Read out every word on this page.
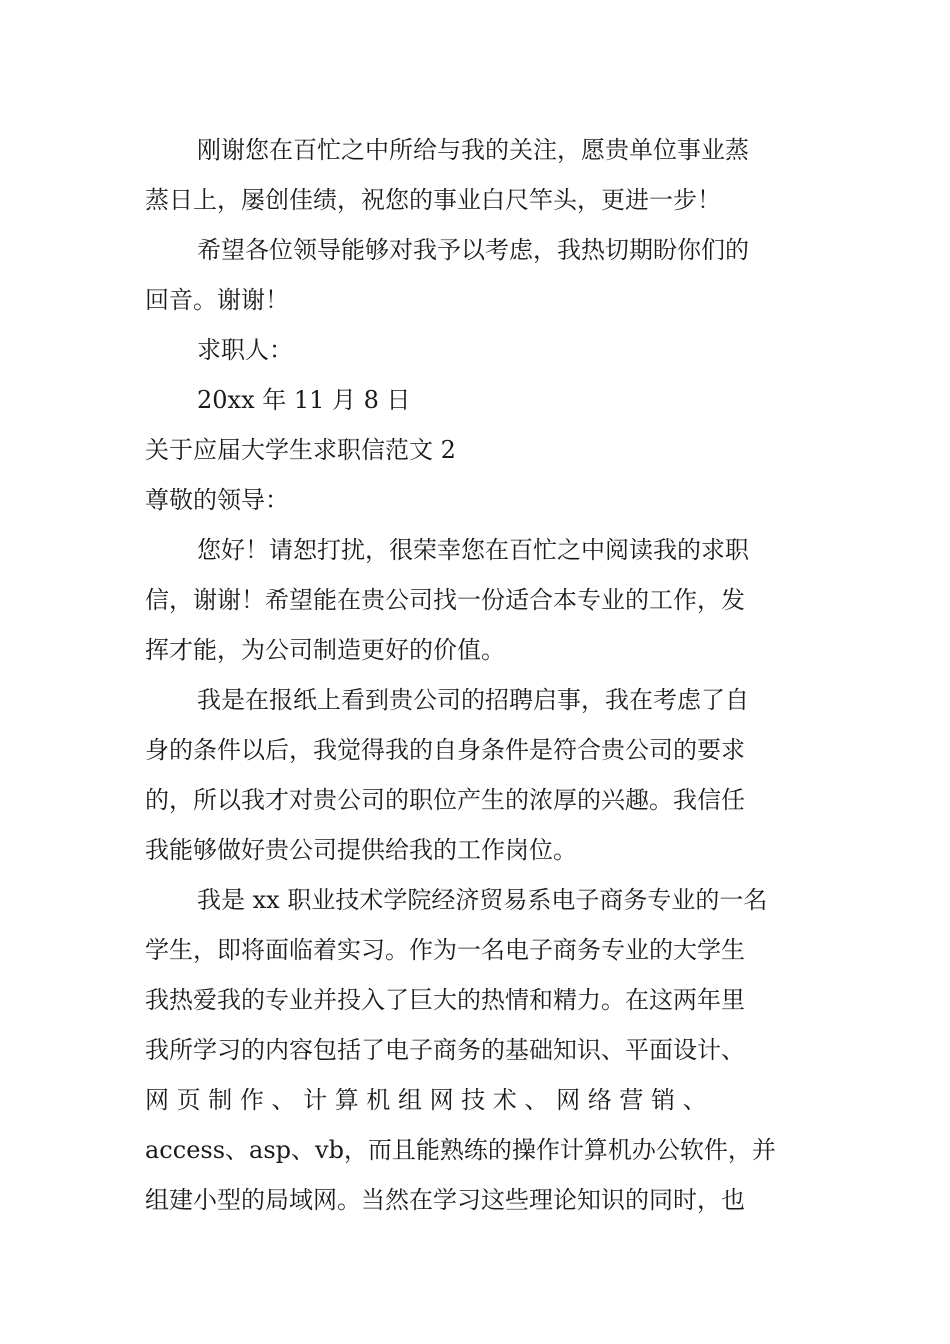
刚谢您在百忙之中所给与我的关注，愿贵单位事业蒸
蒸日上，屡创佳绩，祝您的事业白尺竿头，更进一步！
希望各位领导能够对我予以考虑，我热切期盼你们的
回音。谢谢！
求职人：
20xx 年 11 月 8 日
关于应届大学生求职信范文 2
尊敬的领导：
您好！请恕打扰，很荣幸您在百忙之中阅读我的求职
信，谢谢！希望能在贵公司找一份适合本专业的工作，发
挥才能，为公司制造更好的价值。
我是在报纸上看到贵公司的招聘启事，我在考虑了自
身的条件以后，我觉得我的自身条件是符合贵公司的要求
的，所以我才对贵公司的职位产生的浓厚的兴趣。我信任
我能够做好贵公司提供给我的工作岗位。
我是 xx 职业技术学院经济贸易系电子商务专业的一名
学生，即将面临着实习。作为一名电子商务专业的大学生
我热爱我的专业并投入了巨大的热情和精力。在这两年里
我所学习的内容包括了电子商务的基础知识、平面设计、
网 页 制 作 、 计 算 机 组 网 技 术 、 网 络 营 销 、
access、asp、vb，而且能熟练的操作计算机办公软件，并
组建小型的局域网。当然在学习这些理论知识的同时，也
